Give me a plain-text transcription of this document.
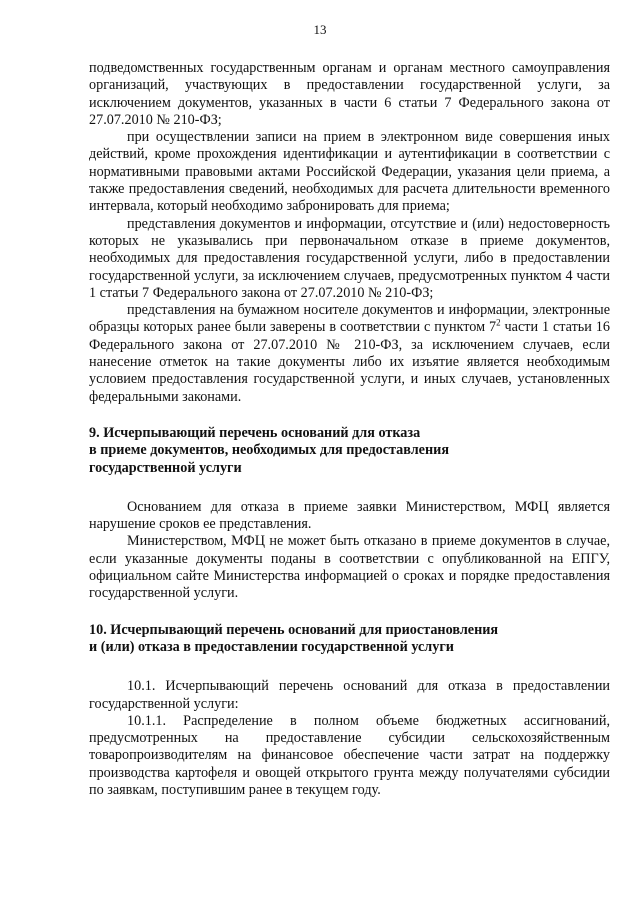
13

подведомственных государственным органам и органам местного самоуправления организаций, участвующих в предоставлении государственной услуги, за исключением документов, указанных в части 6 статьи 7 Федерального закона от 27.07.2010 № 210-ФЗ;

при осуществлении записи на прием в электронном виде совершения иных действий, кроме прохождения идентификации и аутентификации в соответствии с нормативными правовыми актами Российской Федерации, указания цели приема, а также предоставления сведений, необходимых для расчета длительности временного интервала, который необходимо забронировать для приема;

представления документов и информации, отсутствие и (или) недостоверность которых не указывались при первоначальном отказе в приеме документов, необходимых для предоставления государственной услуги, либо в предоставлении государственной услуги, за исключением случаев, предусмотренных пунктом 4 части 1 статьи 7 Федерального закона от 27.07.2010 № 210-ФЗ;

представления на бумажном носителе документов и информации, электронные образцы которых ранее были заверены в соответствии с пунктом $7^2$ части 1 статьи 16 Федерального закона от 27.07.2010 № 210-ФЗ, за исключением случаев, если нанесение отметок на такие документы либо их изъятие является необходимым условием предоставления государственной услуги, и иных случаев, установленных федеральными законами.

9. Исчерпывающий перечень оснований для отказа

в приеме документов, необходимых для предоставления

государственной услуги

Основанием для отказа в приеме заявки Министерством, МФЦ является нарушение сроков ее представления.

Министерством, МФЦ не может быть отказано в приеме документов в случае, если указанные документы поданы в соответствии с опубликованной на ЕПГУ, официальном сайте Министерства информацией о сроках и порядке предоставления государственной услуги.

10. Исчерпывающий перечень оснований для приостановления

и (или) отказа в предоставлении государственной услуги

10.1. Исчерпывающий перечень оснований для отказа в предоставлении государственной услуги:

10.1.1. Распределение в полном объеме бюджетных ассигнований, предусмотренных на предоставление субсидии сельскохозяйственным товаропроизводителям на финансовое обеспечение части затрат на поддержку производства картофеля и овощей открытого грунта между получателями субсидии по заявкам, поступившим ранее в текущем году.
